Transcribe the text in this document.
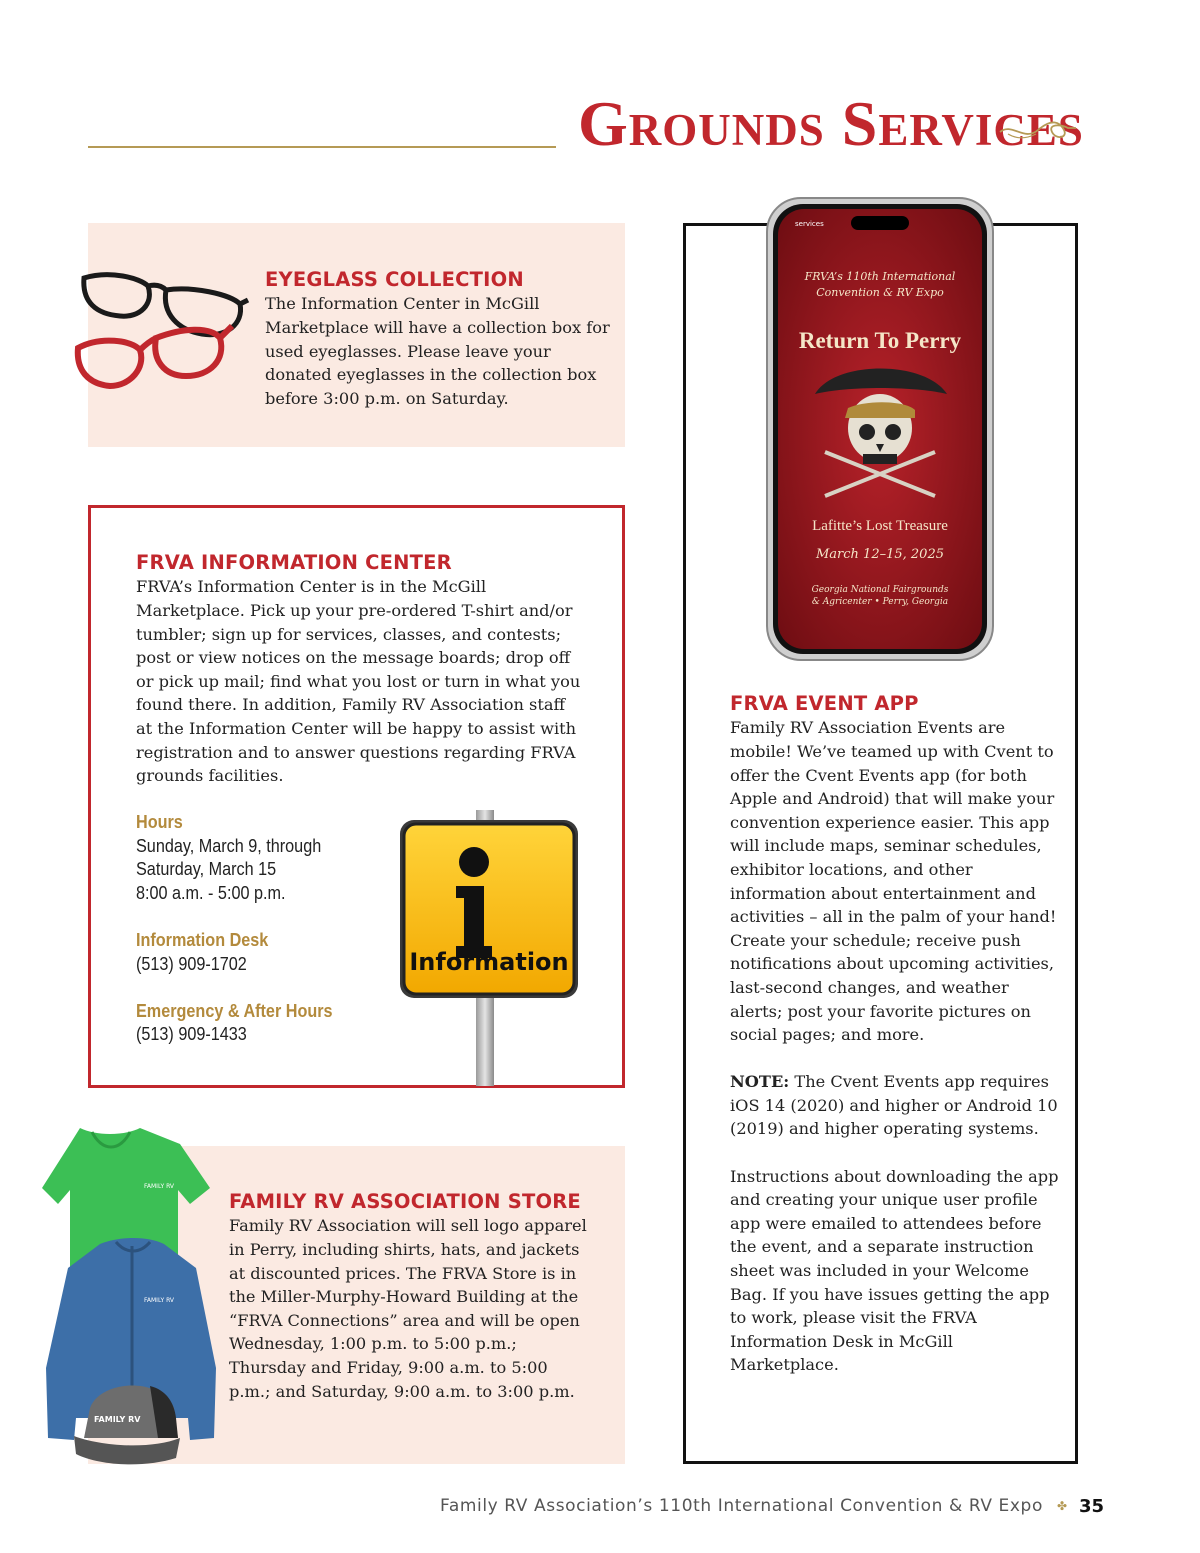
Grounds Services
EYEGLASS COLLECTION
The Information Center in McGill Marketplace will have a collection box for used eyeglasses. Please leave your donated eyeglasses in the collection box before 3:00 p.m. on Saturday.
FRVA INFORMATION CENTER
FRVA’s Information Center is in the McGill Marketplace. Pick up your pre-ordered T-shirt and/or tumbler; sign up for services, classes, and contests; post or view notices on the message boards; drop off or pick up mail; find what you lost or turn in what you found there. In addition, Family RV Association staff at the Information Center will be happy to assist with registration and to answer questions regarding FRVA grounds facilities.
Hours
Sunday, March 9, through
Saturday, March 15
8:00 a.m. - 5:00 p.m.
Information Desk
(513) 909-1702
Emergency & After Hours
(513) 909-1433
Information
FAMILY RV
FAMILY RV
FAMILY RV
FAMILY RV ASSOCIATION STORE
Family RV Association will sell logo apparel in Perry, including shirts, hats, and jackets at discounted prices. The FRVA Store is in the Miller-Murphy-Howard Building at the “FRVA Connections” area and will be open Wednesday, 1:00 p.m. to 5:00 p.m.; Thursday and Friday, 9:00 a.m. to 5:00 p.m.; and Saturday, 9:00 a.m. to 3:00 p.m.
services
FRVA’s 110th International
Convention & RV Expo
Return To Perry
Lafitte’s Lost Treasure
March 12–15, 2025
Georgia National Fairgrounds
& Agricenter • Perry, Georgia
FRVA EVENT APP

Family RV Association Events are mobile! We’ve teamed up with Cvent to offer the Cvent Events app (for both Apple and Android) that will make your convention experience easier. This app will include maps, seminar schedules, exhibitor locations, and other information about entertainment and activities – all in the palm of your hand! Create your schedule; receive push notifications about upcoming activities, last-second changes, and weather alerts; post your favorite pictures on social pages; and more.

NOTE: The Cvent Events app requires iOS 14 (2020) and higher or Android 10 (2019) and higher operating systems.

Instructions about downloading the app and creating your unique user profile app were emailed to attendees before the event, and a separate instruction sheet was included in your Welcome Bag. If you have issues getting the app to work, please visit the FRVA Information Desk in McGill Marketplace.

Family RV Association’s 110th International Convention & RV Expo ✤ 35
